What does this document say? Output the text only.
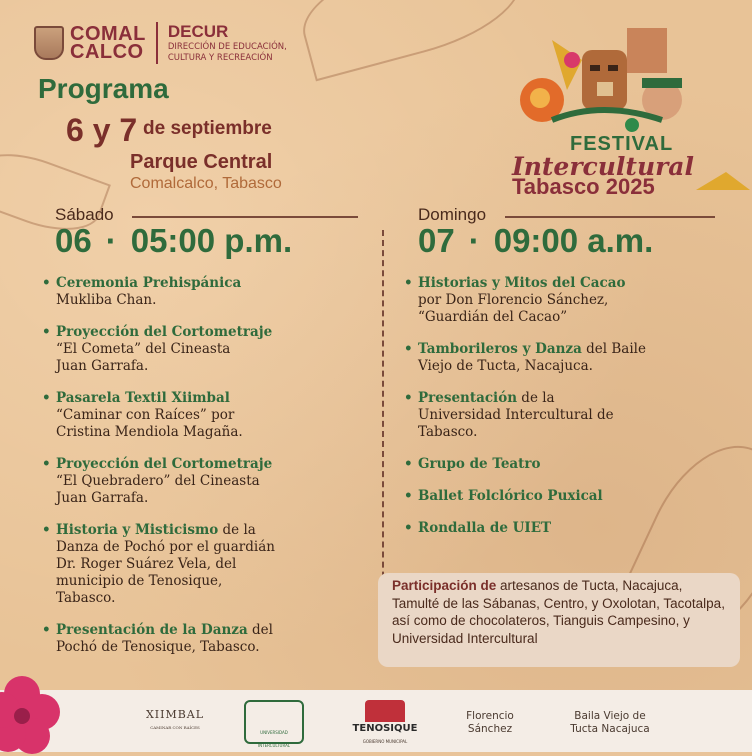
COMAL
CALCO
DECUR
DIRECCIÓN DE EDUCACIÓN,
CULTURA Y RECREACIÓN
Programa
6 y 7 de septiembre
Parque Central
Comalcalco, Tabasco
FESTIVAL
Intercultural
Tabasco 2025
Sábado
06 · 05:00 p.m.
Domingo
07 · 09:00 a.m.
• Ceremonia Prehispánica
Mukliba Chan.
• Proyección del Cortometraje
“El Cometa” del Cineasta
Juan Garrafa.
• Pasarela Textil Xiimbal
“Caminar con Raíces” por
Cristina Mendiola Magaña.
• Proyección del Cortometraje
“El Quebradero” del Cineasta
Juan Garrafa.
• Historia y Misticismo de la
Danza de Pochó por el guardián
Dr. Roger Suárez Vela, del
municipio de Tenosique,
Tabasco.
• Presentación de la Danza del
Pochó de Tenosique, Tabasco.
• Historias y Mitos del Cacao
por Don Florencio Sánchez,
“Guardián del Cacao”
• Tamborileros y Danza del Baile
Viejo de Tucta, Nacajuca.
• Presentación de la
Universidad Intercultural de
Tabasco.
• Grupo de Teatro
• Ballet Folclórico Puxical
• Rondalla de UIET
Participación de artesanos de Tucta, Nacajuca, Tamulté de las Sábanas, Centro, y Oxolotan, Tacotalpa, así como de chocolateros, Tianguis Campesino, y Universidad Intercultural
XIIMBAL
CAMINAR CON RAÍCES
UNIVERSIDAD INTERCULTURAL
TENOSIQUE
GOBIERNO MUNICIPAL
Florencio
Sánchez
Baila Viejo de
Tucta Nacajuca
